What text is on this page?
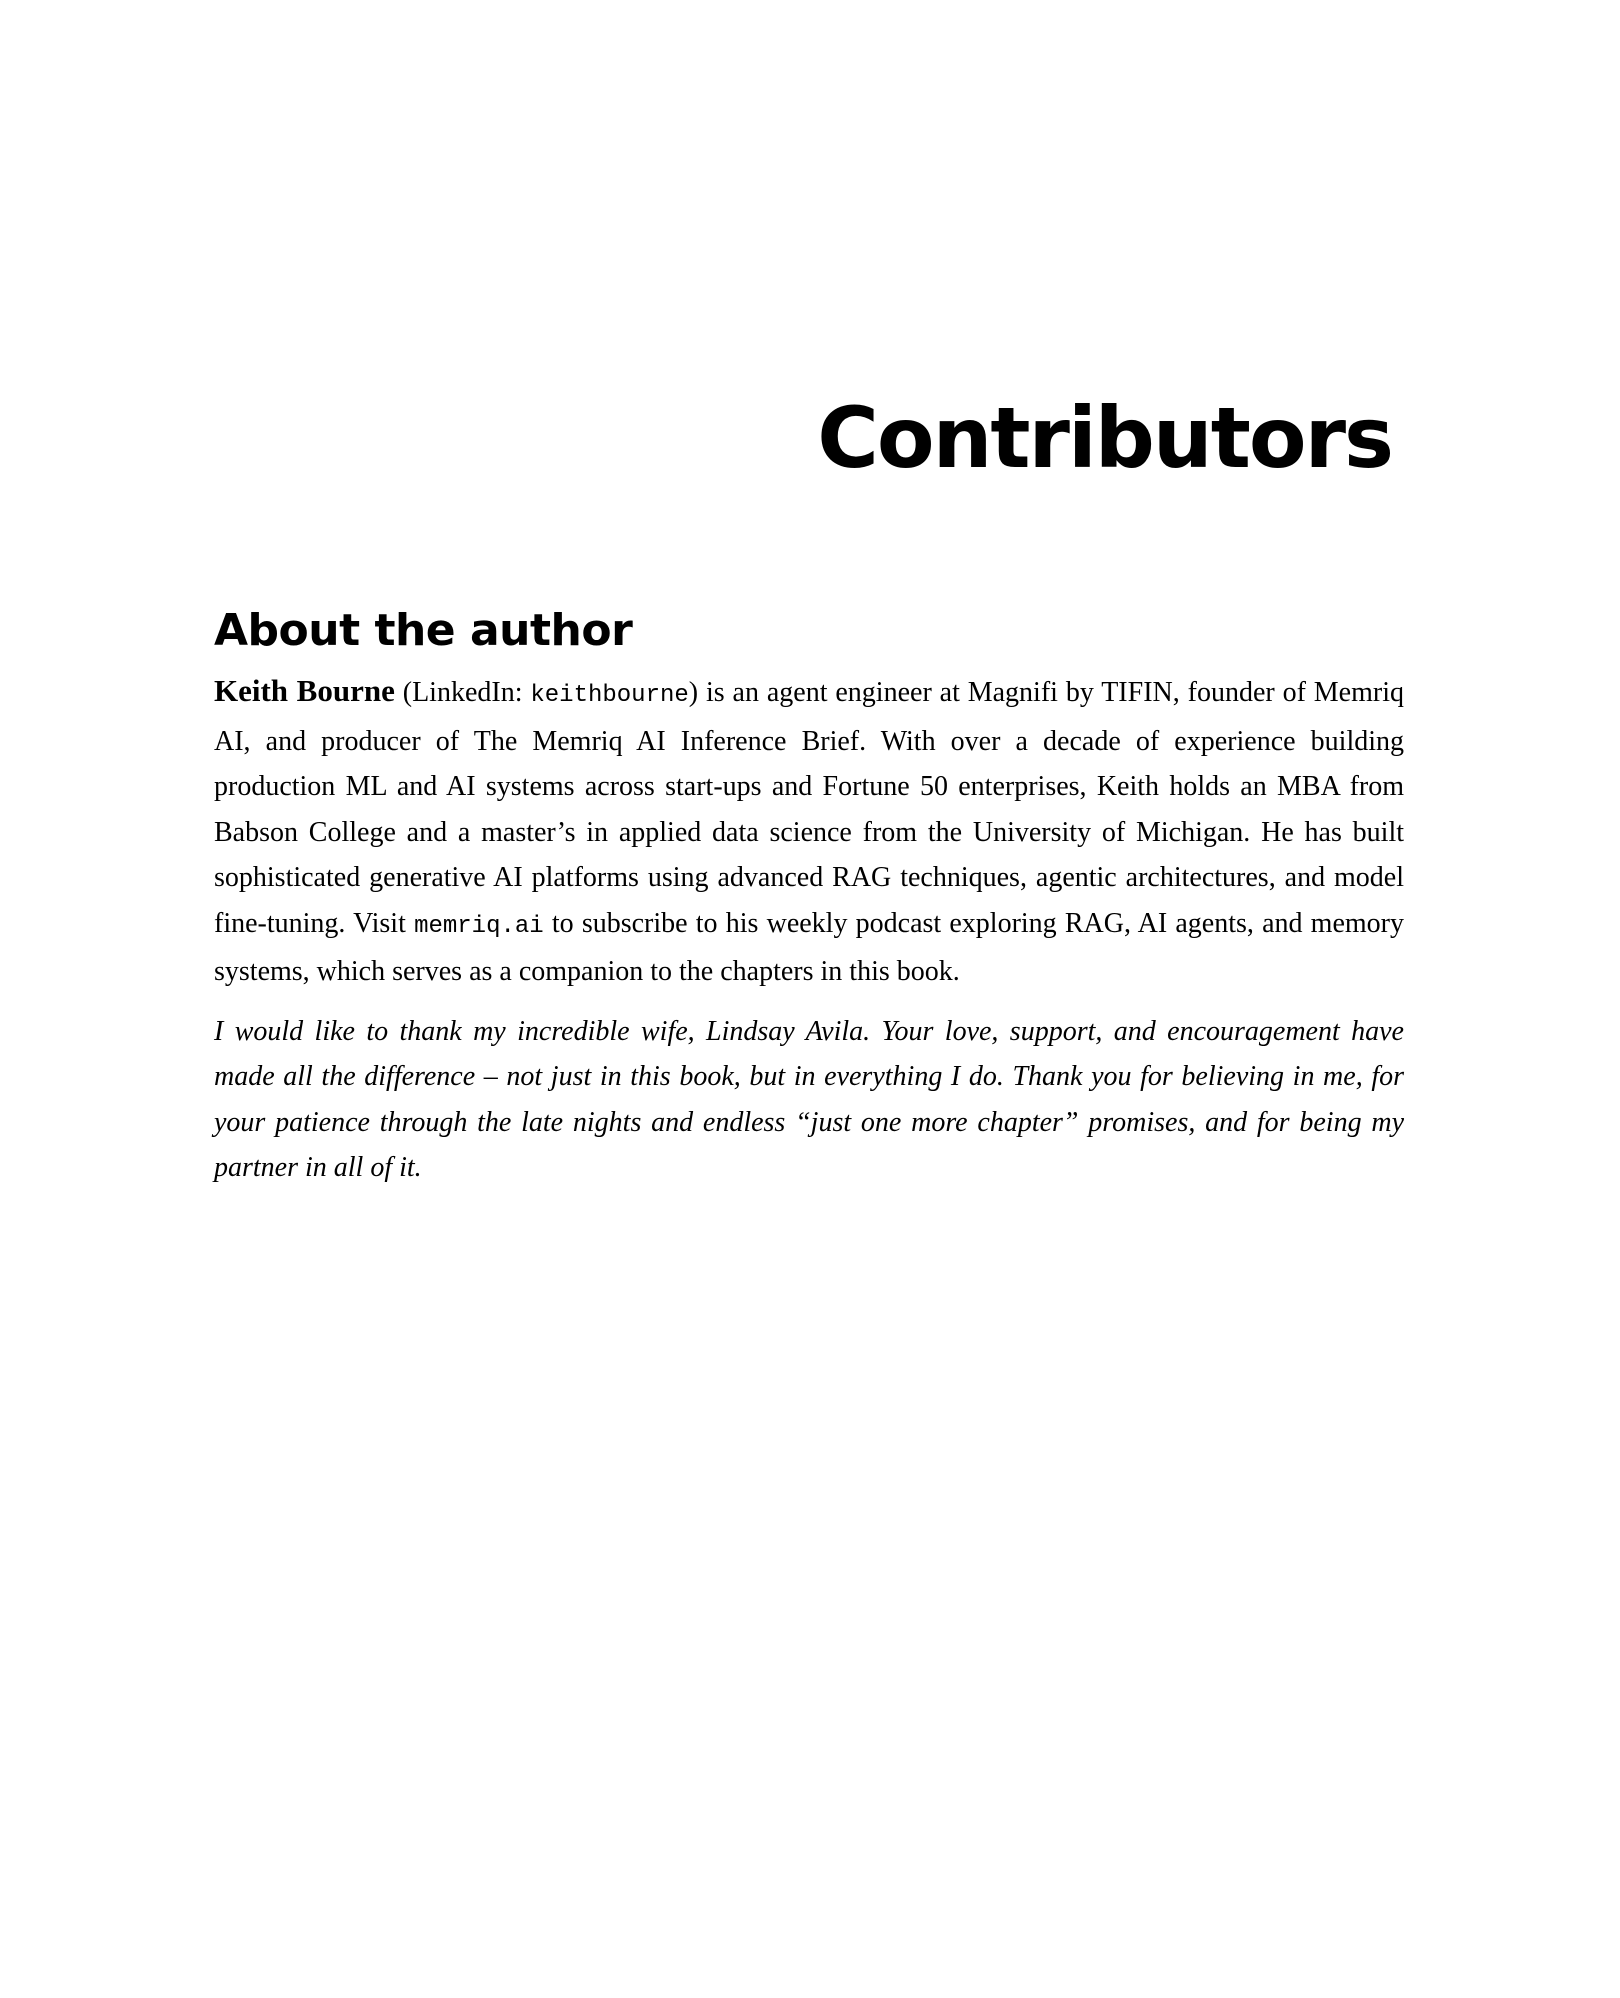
Contributors
About the author

Keith Bourne (LinkedIn: keithbourne) is an agent engineer at Magnifi by TIFIN, founder of Memriq AI, and producer of The Memriq AI Inference Brief. With over a decade of experience building production ML and AI systems across start-ups and Fortune 50 enterprises, Keith holds an MBA from Babson College and a master’s in applied data science from the University of Michigan. He has built sophisticated generative AI platforms using advanced RAG techniques, agentic architectures, and model fine-tuning. Visit memriq.ai to subscribe to his weekly podcast exploring RAG, AI agents, and memory systems, which serves as a companion to the chapters in this book.

I would like to thank my incredible wife, Lindsay Avila. Your love, support, and encouragement have made all the difference – not just in this book, but in everything I do. Thank you for believing in me, for your patience through the late nights and endless “just one more chapter” promises, and for being my partner in all of it.
